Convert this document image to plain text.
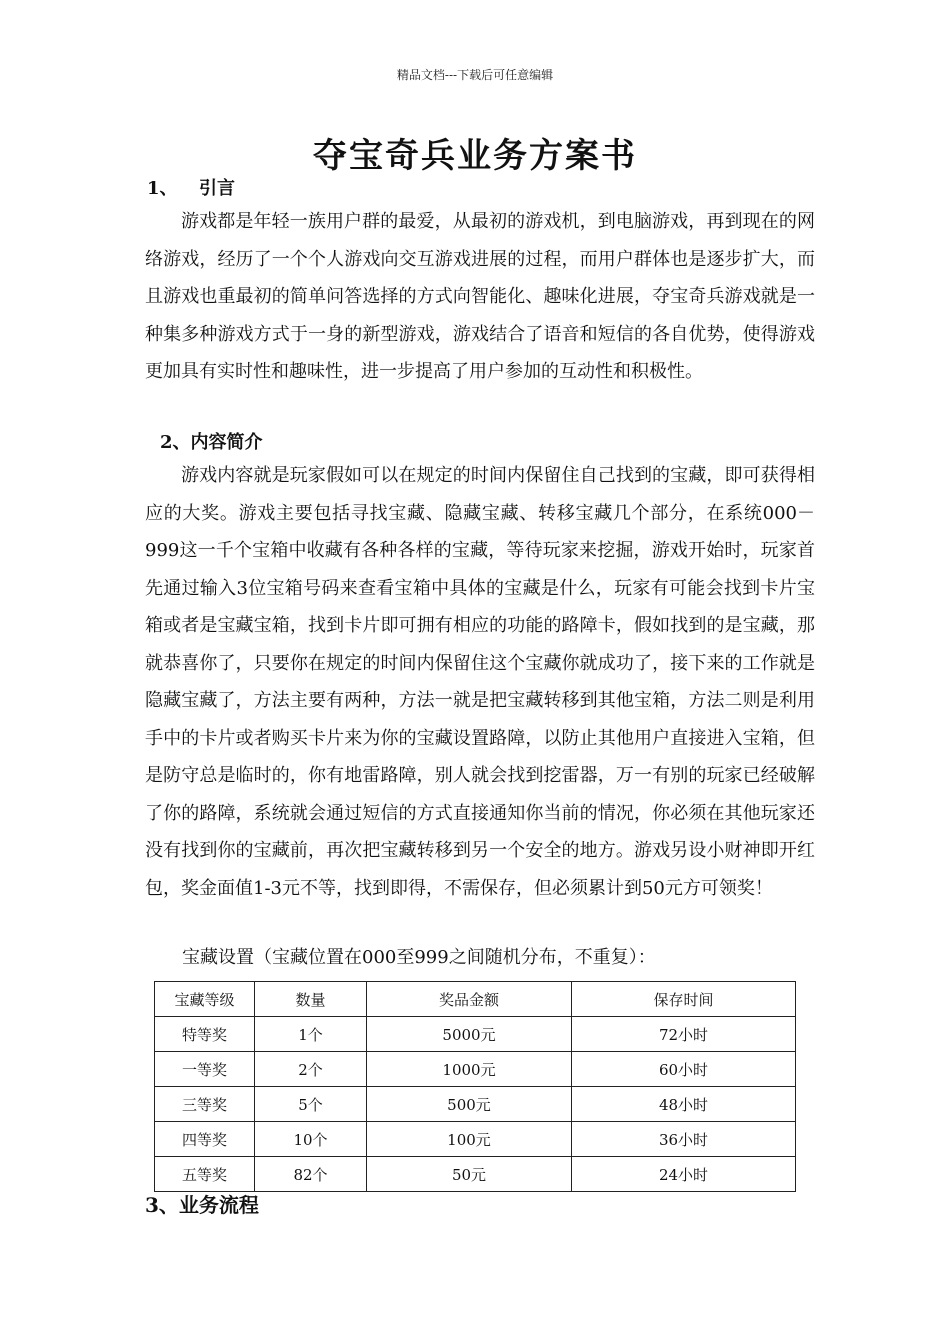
精品文档---下载后可任意编辑
夺宝奇兵业务方案书
1、 引言

游戏都是年轻一族用户群的最爱，从最初的游戏机，到电脑游戏，再到现在的网络游戏，经历了一个个人游戏向交互游戏进展的过程，而用户群体也是逐步扩大，而且游戏也重最初的简单问答选择的方式向智能化、趣味化进展，夺宝奇兵游戏就是一种集多种游戏方式于一身的新型游戏，游戏结合了语音和短信的各自优势，使得游戏更加具有实时性和趣味性，进一步提高了用户参加的互动性和积极性。

2、内容简介

游戏内容就是玩家假如可以在规定的时间内保留住自己找到的宝藏，即可获得相应的大奖。游戏主要包括寻找宝藏、隐藏宝藏、转移宝藏几个部分，在系统000－999这一千个宝箱中收藏有各种各样的宝藏，等待玩家来挖掘，游戏开始时，玩家首先通过输入3位宝箱号码来查看宝箱中具体的宝藏是什么，玩家有可能会找到卡片宝箱或者是宝藏宝箱，找到卡片即可拥有相应的功能的路障卡，假如找到的是宝藏，那就恭喜你了，只要你在规定的时间内保留住这个宝藏你就成功了，接下来的工作就是隐藏宝藏了，方法主要有两种，方法一就是把宝藏转移到其他宝箱，方法二则是利用手中的卡片或者购买卡片来为你的宝藏设置路障，以防止其他用户直接进入宝箱，但是防守总是临时的，你有地雷路障，别人就会找到挖雷器，万一有别的玩家已经破解了你的路障，系统就会通过短信的方式直接通知你当前的情况，你必须在其他玩家还没有找到你的宝藏前，再次把宝藏转移到另一个安全的地方。游戏另设小财神即开红包，奖金面值1-3元不等，找到即得，不需保存，但必须累计到50元方可领奖！

宝藏设置（宝藏位置在000至999之间随机分布，不重复）：
宝藏等级	数量	奖品金额	保存时间
特等奖	1个	5000元	72小时
一等奖	2个	1000元	60小时
三等奖	5个	500元	48小时
四等奖	10个	100元	36小时
五等奖	82个	50元	24小时
3、业务流程
